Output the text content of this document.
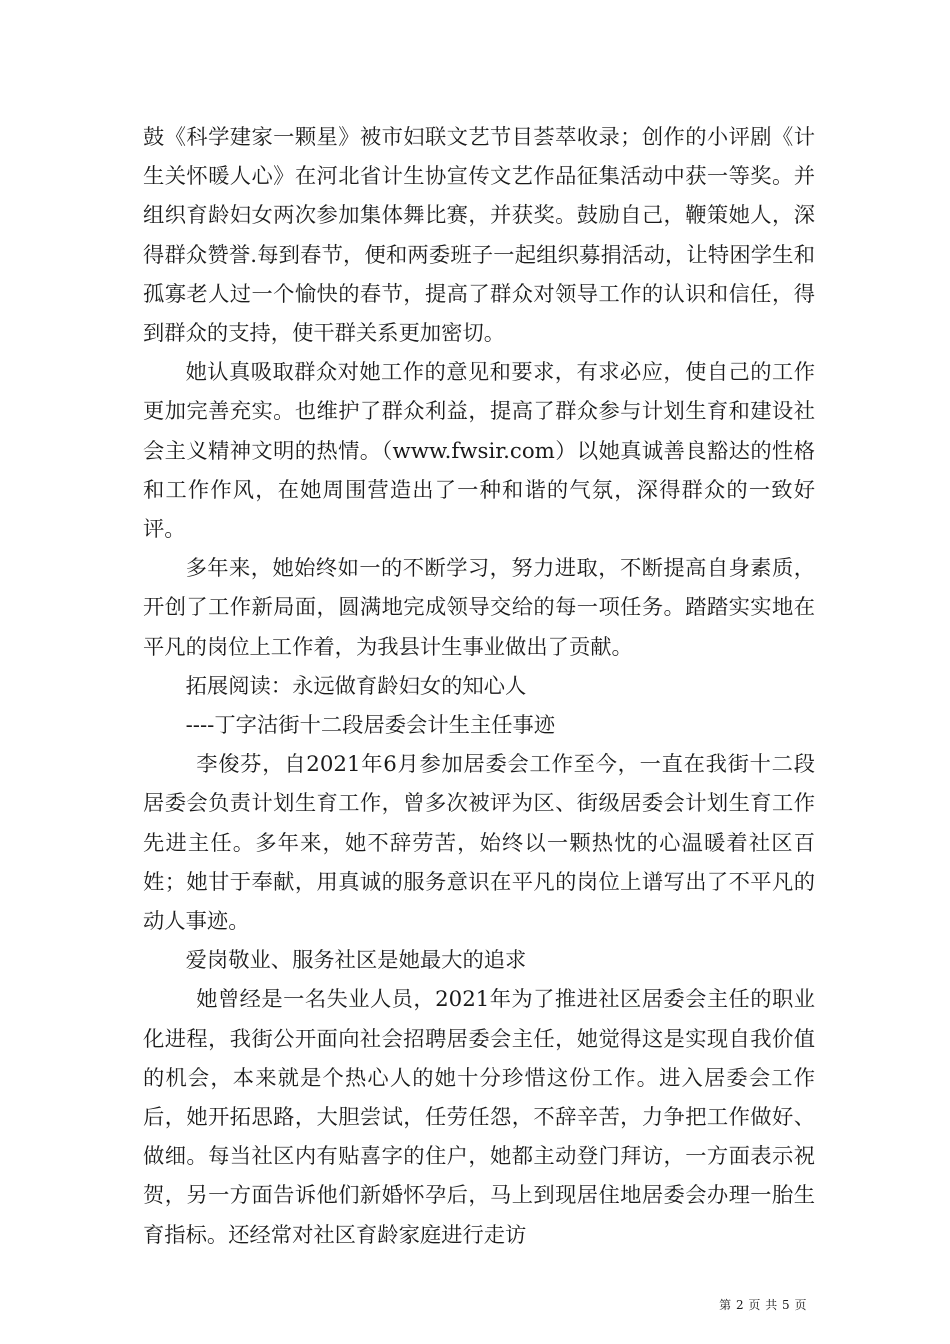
鼓《科学建家一颗星》被市妇联文艺节目荟萃收录；创作的小评剧《计生关怀暖人心》在河北省计生协宣传文艺作品征集活动中获一等奖。并组织育龄妇女两次参加集体舞比赛，并获奖。鼓励自己，鞭策她人，深得群众赞誉.每到春节，便和两委班子一起组织募捐活动，让特困学生和孤寡老人过一个愉快的春节，提高了群众对领导工作的认识和信任，得到群众的支持，使干群关系更加密切。

她认真吸取群众对她工作的意见和要求，有求必应，使自己的工作更加完善充实。也维护了群众利益，提高了群众参与计划生育和建设社会主义精神文明的热情。（www.fwsir.com）以她真诚善良豁达的性格和工作作风，在她周围营造出了一种和谐的气氛，深得群众的一致好评。

多年来，她始终如一的不断学习，努力进取，不断提高自身素质，开创了工作新局面，圆满地完成领导交给的每一项任务。踏踏实实地在平凡的岗位上工作着，为我县计生事业做出了贡献。

拓展阅读：永远做育龄妇女的知心人

----丁字沽街十二段居委会计生主任事迹

李俊芬，自2021年6月参加居委会工作至今，一直在我街十二段居委会负责计划生育工作，曾多次被评为区、街级居委会计划生育工作先进主任。多年来，她不辞劳苦，始终以一颗热忱的心温暖着社区百姓；她甘于奉献，用真诚的服务意识在平凡的岗位上谱写出了不平凡的动人事迹。

爱岗敬业、服务社区是她最大的追求

她曾经是一名失业人员，2021年为了推进社区居委会主任的职业化进程，我街公开面向社会招聘居委会主任，她觉得这是实现自我价值的机会，本来就是个热心人的她十分珍惜这份工作。进入居委会工作后，她开拓思路，大胆尝试，任劳任怨，不辞辛苦，力争把工作做好、做细。每当社区内有贴喜字的住户，她都主动登门拜访，一方面表示祝贺，另一方面告诉他们新婚怀孕后，马上到现居住地居委会办理一胎生育指标。还经常对社区育龄家庭进行走访

第 2 页 共 5 页
